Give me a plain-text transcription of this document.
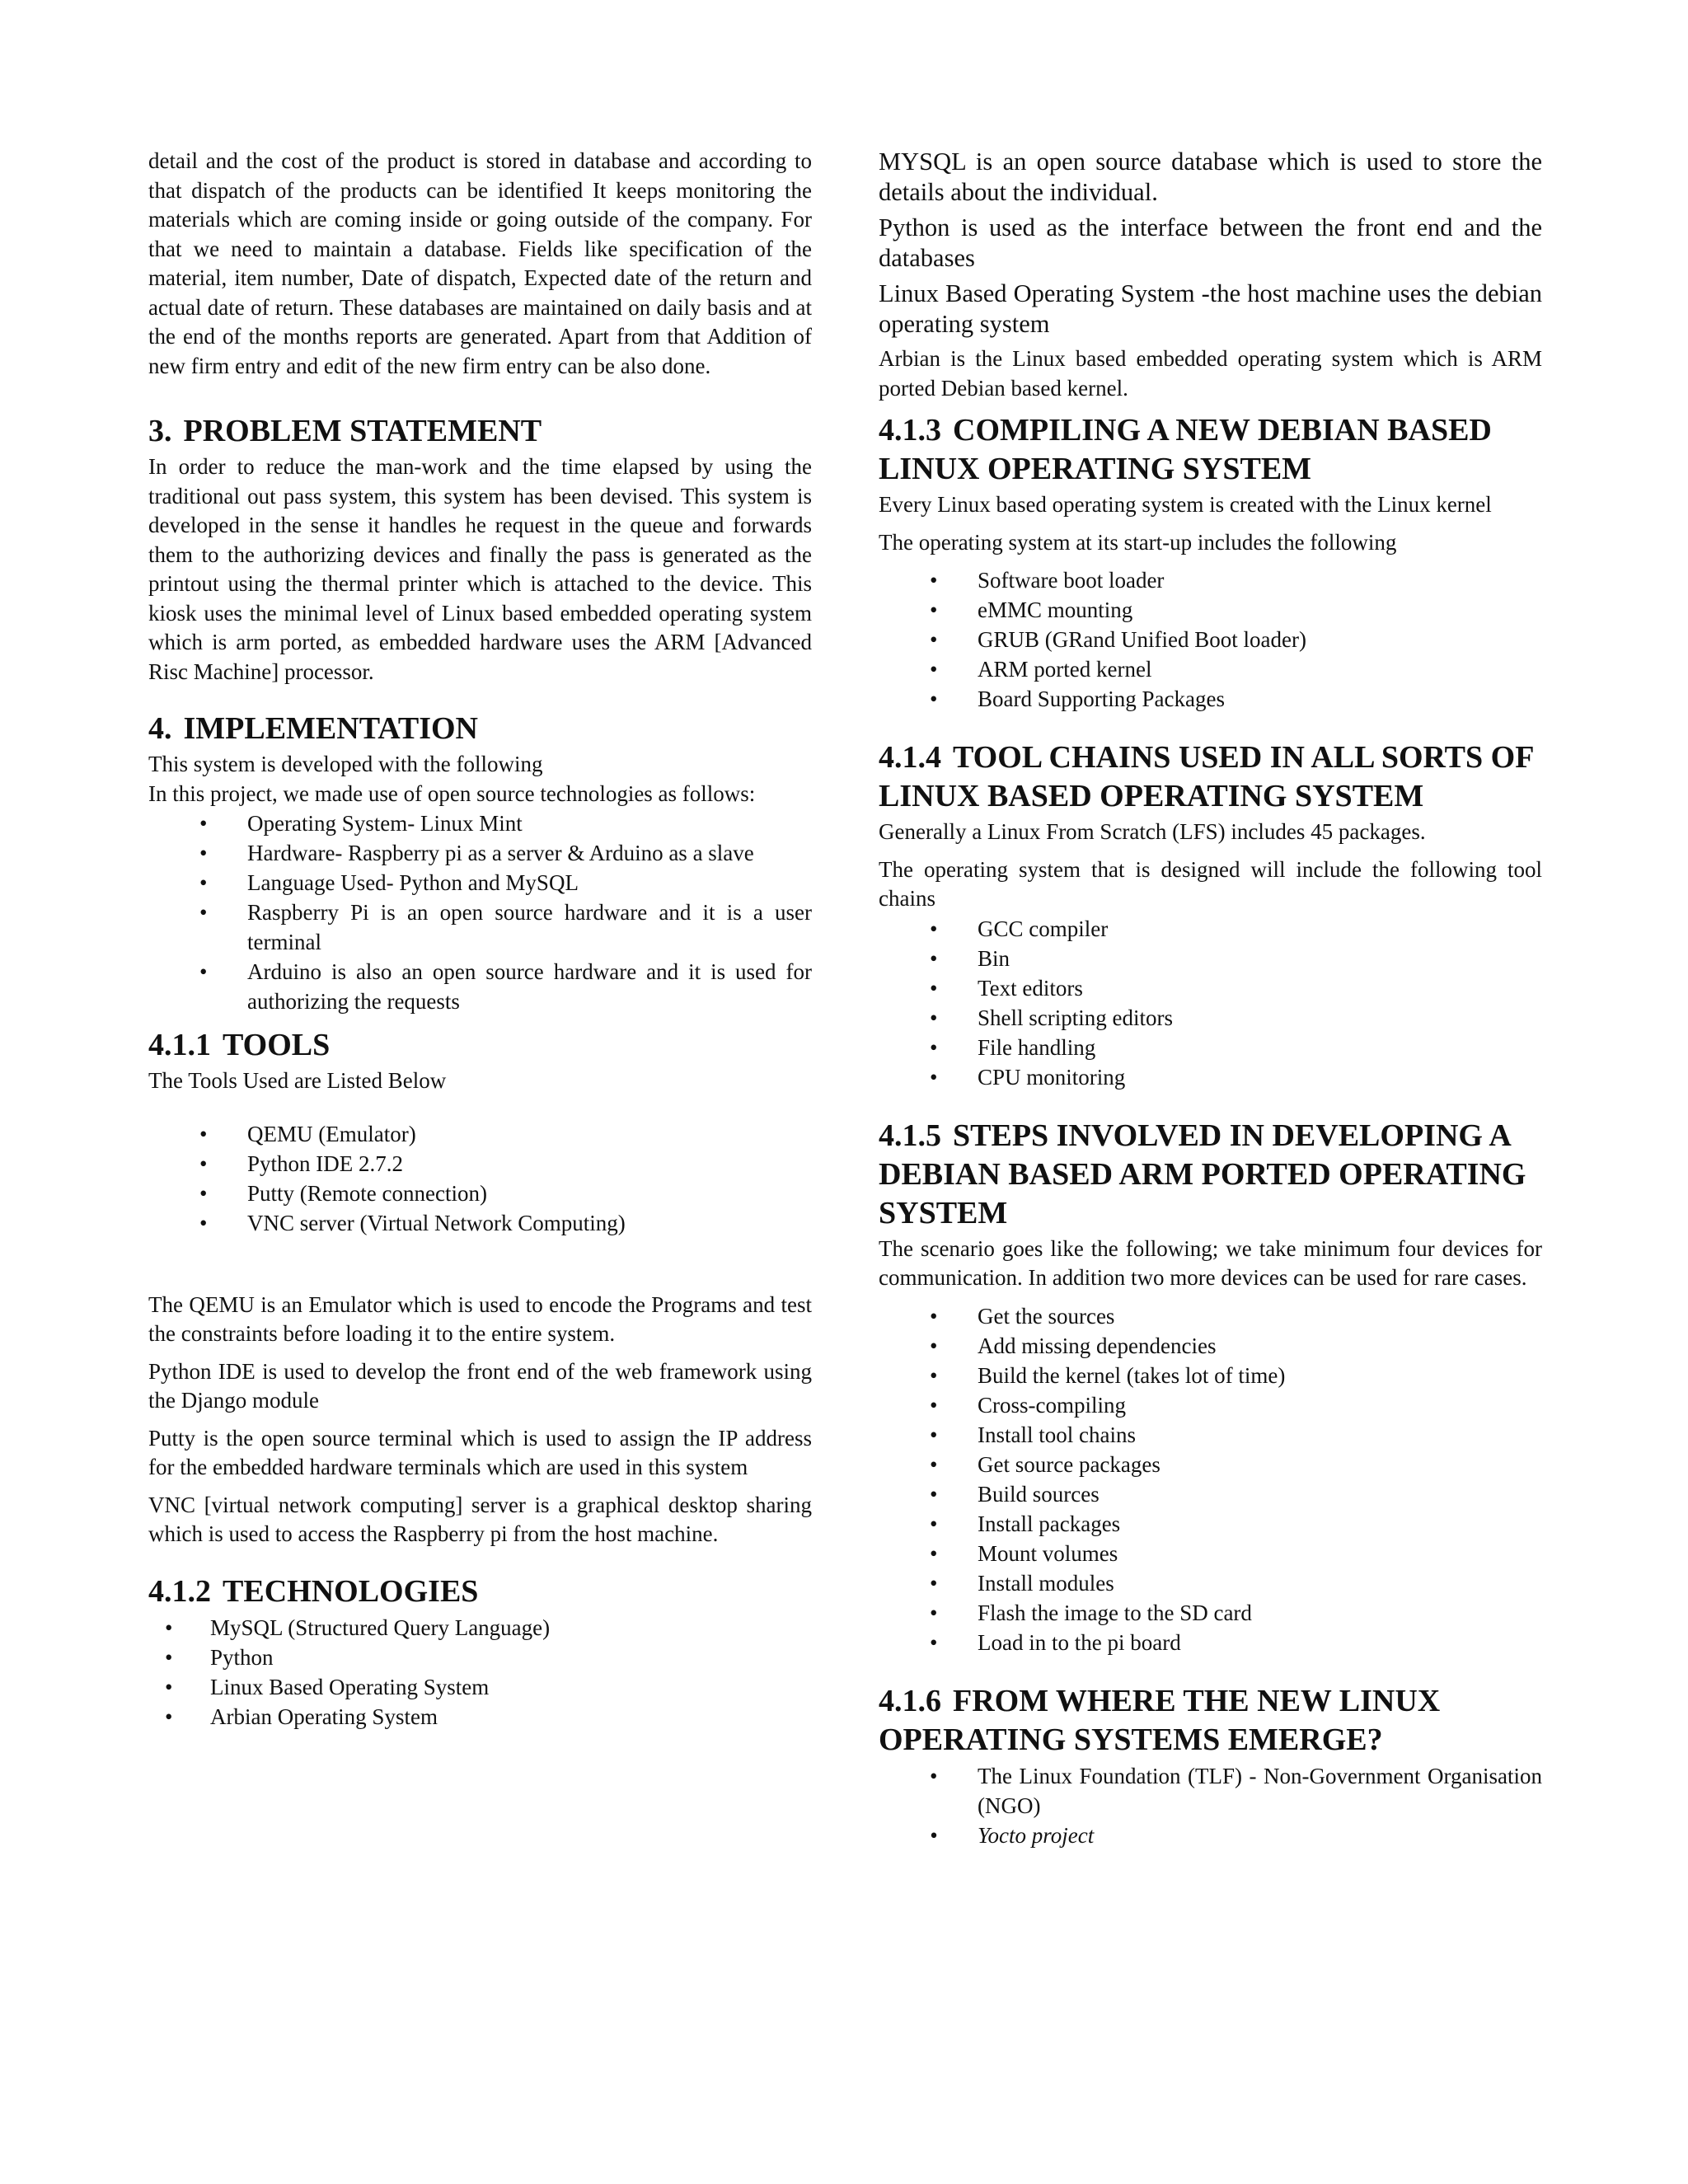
detail and the cost of the product is stored in database and according to that dispatch of the products can be identified It keeps monitoring the materials which are coming inside or going outside of the company. For that we need to maintain a database. Fields like specification of the material, item number, Date of dispatch, Expected date of the return and actual date of return. These databases are maintained on daily basis and at the end of the months reports are generated. Apart from that Addition of new firm entry and edit of the new firm entry can be also done.

3. PROBLEM STATEMENT

In order to reduce the man-work and the time elapsed by using the traditional out pass system, this system has been devised. This system is developed in the sense it handles he request in the queue and forwards them to the authorizing devices and finally the pass is generated as the printout using the thermal printer which is attached to the device. This kiosk uses the minimal level of Linux based embedded operating system which is arm ported, as embedded hardware uses the ARM [Advanced Risc Machine] processor.

4. IMPLEMENTATION

This system is developed with the following

In this project, we made use of open source technologies as follows:

• Operating System- Linux Mint
• Hardware- Raspberry pi as a server & Arduino as a slave
• Language Used- Python and MySQL
• Raspberry Pi is an open source hardware and it is a user terminal
• Arduino is also an open source hardware and it is used for authorizing the requests
4.1.1 TOOLS

The Tools Used are Listed Below

• QEMU (Emulator)
• Python IDE 2.7.2
• Putty (Remote connection)
• VNC server (Virtual Network Computing)

The QEMU is an Emulator which is used to encode the Programs and test the constraints before loading it to the entire system.

Python IDE is used to develop the front end of the web framework using the Django module

Putty is the open source terminal which is used to assign the IP address for the embedded hardware terminals which are used in this system

VNC [virtual network computing] server is a graphical desktop sharing which is used to access the Raspberry pi from the host machine.

4.1.2 TECHNOLOGIES
• MySQL (Structured Query Language)
• Python
• Linux Based Operating System
• Arbian Operating System

MYSQL is an open source database which is used to store the details about the individual.

Python is used as the interface between the front end and the databases

Linux Based Operating System -the host machine uses the debian operating system

Arbian is the Linux based embedded operating system which is ARM ported Debian based kernel.

4.1.3 COMPILING A NEW DEBIAN BASED LINUX OPERATING SYSTEM

Every Linux based operating system is created with the Linux kernel

The operating system at its start-up includes the following

• Software boot loader
• eMMC mounting
• GRUB (GRand Unified Boot loader)
• ARM ported kernel
• Board Supporting Packages
4.1.4 TOOL CHAINS USED IN ALL SORTS OF LINUX BASED OPERATING SYSTEM

Generally a Linux From Scratch (LFS) includes 45 packages.

The operating system that is designed will include the following tool chains

• GCC compiler
• Bin
• Text editors
• Shell scripting editors
• File handling
• CPU monitoring
4.1.5 STEPS INVOLVED IN DEVELOPING A DEBIAN BASED ARM PORTED OPERATING SYSTEM

The scenario goes like the following; we take minimum four devices for communication. In addition two more devices can be used for rare cases.

• Get the sources
• Add missing dependencies
• Build the kernel (takes lot of time)
• Cross-compiling
• Install tool chains
• Get source packages
• Build sources
• Install packages
• Mount volumes
• Install modules
• Flash the image to the SD card
• Load in to the pi board
4.1.6 FROM WHERE THE NEW LINUX OPERATING SYSTEMS EMERGE?
• The Linux Foundation (TLF) - Non-Government Organisation (NGO)
• Yocto project
